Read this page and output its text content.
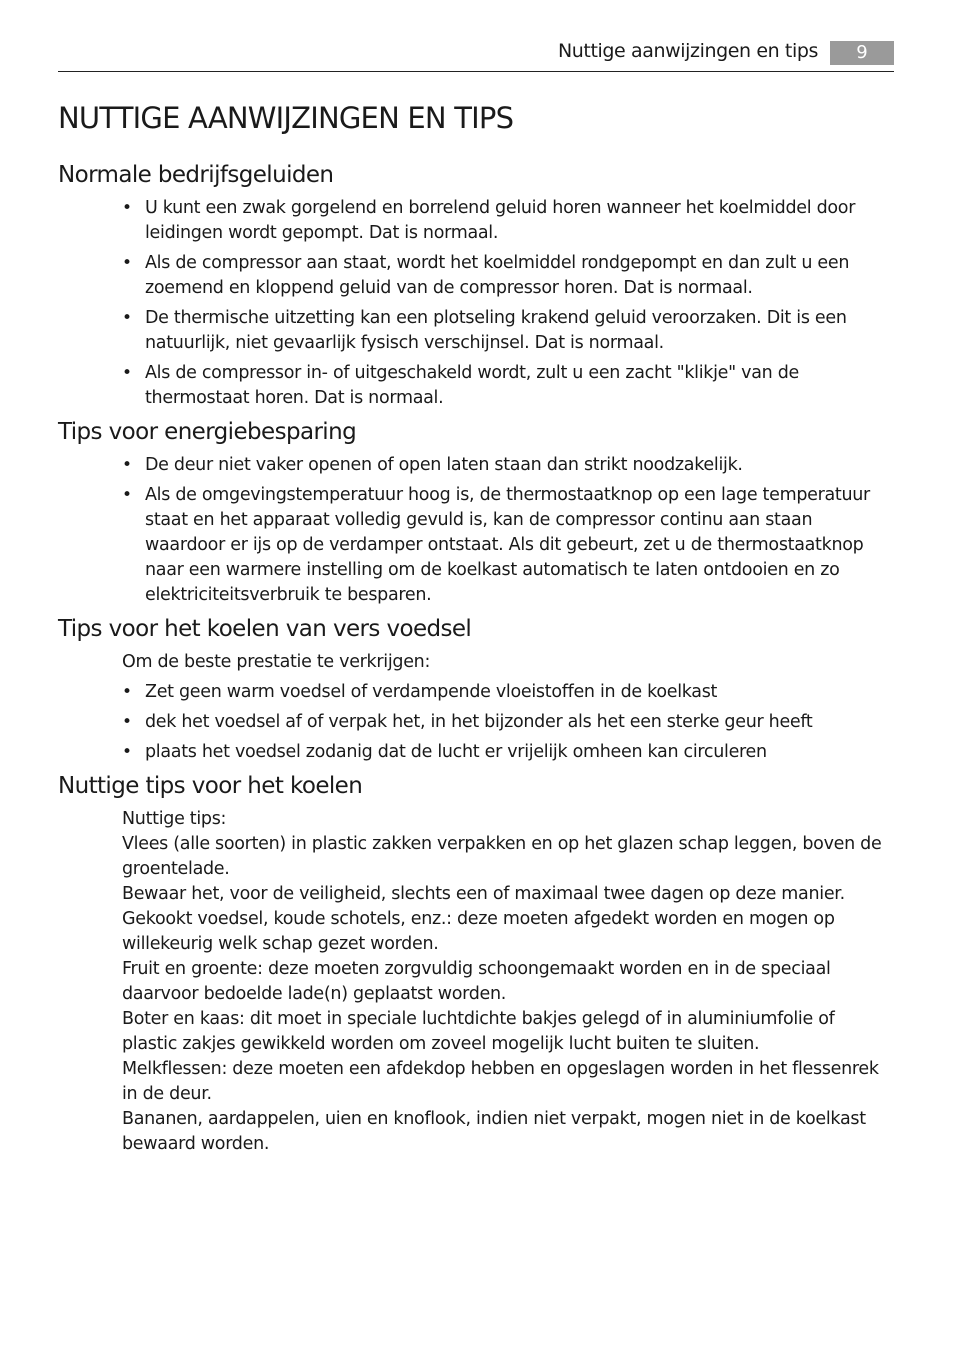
Nuttige aanwijzingen en tips	9
NUTTIGE AANWIJZINGEN EN TIPS
Normale bedrijfsgeluiden
• U kunt een zwak gorgelend en borrelend geluid horen wanneer het koelmiddel door leidingen wordt gepompt. Dat is normaal.
• Als de compressor aan staat, wordt het koelmiddel rondgepompt en dan zult u een zoemend en kloppend geluid van de compressor horen. Dat is normaal.
• De thermische uitzetting kan een plotseling krakend geluid veroorzaken. Dit is een natuurlijk, niet gevaarlijk fysisch verschijnsel. Dat is normaal.
• Als de compressor in- of uitgeschakeld wordt, zult u een zacht "klikje" van de thermostaat horen. Dat is normaal.
Tips voor energiebesparing
• De deur niet vaker openen of open laten staan dan strikt noodzakelijk.
• Als de omgevingstemperatuur hoog is, de thermostaatknop op een lage temperatuur staat en het apparaat volledig gevuld is, kan de compressor continu aan staan waardoor er ijs op de verdamper ontstaat. Als dit gebeurt, zet u de thermostaatknop naar een warmere instelling om de koelkast automatisch te laten ontdooien en zo elektriciteitsverbruik te besparen.
Tips voor het koelen van vers voedsel

Om de beste prestatie te verkrijgen:

• Zet geen warm voedsel of verdampende vloeistoffen in de koelkast
• dek het voedsel af of verpak het, in het bijzonder als het een sterke geur heeft
• plaats het voedsel zodanig dat de lucht er vrijelijk omheen kan circuleren
Nuttige tips voor het koelen

Nuttige tips:

Vlees (alle soorten) in plastic zakken verpakken en op het glazen schap leggen, boven de groentelade.

Bewaar het, voor de veiligheid, slechts een of maximaal twee dagen op deze manier.

Gekookt voedsel, koude schotels, enz.: deze moeten afgedekt worden en mogen op willekeurig welk schap gezet worden.

Fruit en groente: deze moeten zorgvuldig schoongemaakt worden en in de speciaal daarvoor bedoelde lade(n) geplaatst worden.

Boter en kaas: dit moet in speciale luchtdichte bakjes gelegd of in aluminiumfolie of plastic zakjes gewikkeld worden om zoveel mogelijk lucht buiten te sluiten.

Melkflessen: deze moeten een afdekdop hebben en opgeslagen worden in het flessenrek in de deur.

Bananen, aardappelen, uien en knoflook, indien niet verpakt, mogen niet in de koelkast bewaard worden.
